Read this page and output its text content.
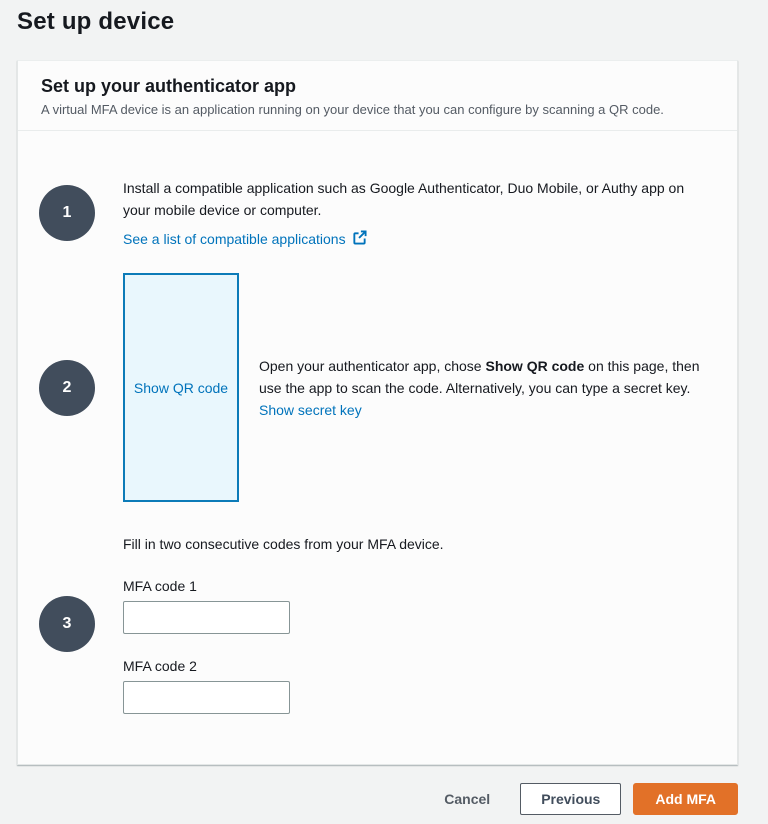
Set up device
Set up your authenticator app

A virtual MFA device is an application running on your device that you can configure by scanning a QR code.

1

Install a compatible application such as Google Authenticator, Duo Mobile, or Authy app on your mobile device or computer.

See a list of compatible applications
2	Show QR code

Open your authenticator app, chose Show QR code on this page, then use the app to scan the code. Alternatively, you can type a secret key. Show secret key

3

Fill in two consecutive codes from your MFA device.

MFA code 1
MFA code 2
Cancel	Previous	Add MFA
